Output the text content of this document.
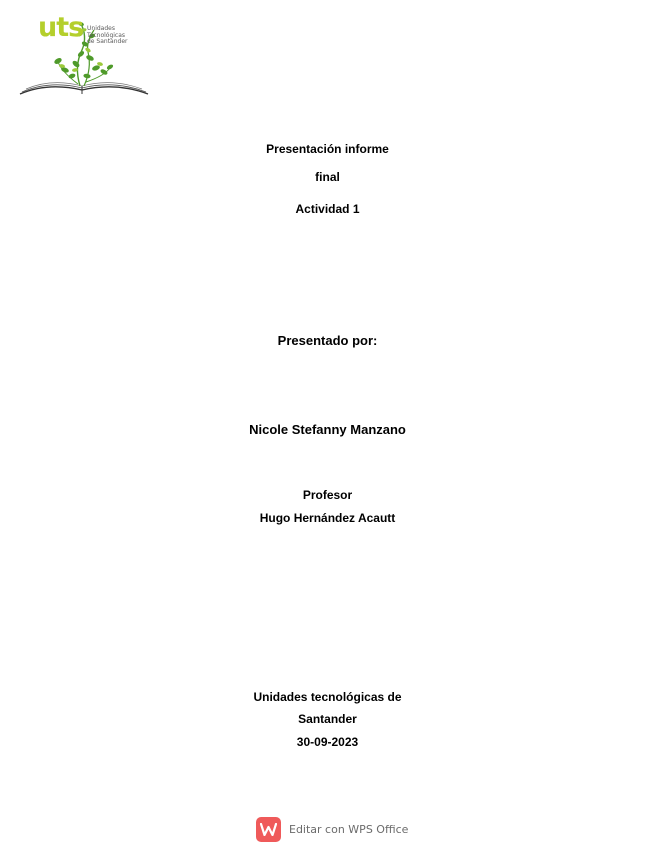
uts Unidades
Tecnológicas
de Santander
Presentación informe
final
Actividad 1
Presentado por:
Nicole Stefanny Manzano
Profesor
Hugo Hernández Acautt
Unidades tecnológicas de
Santander
30-09-2023
Editar con WPS Office
